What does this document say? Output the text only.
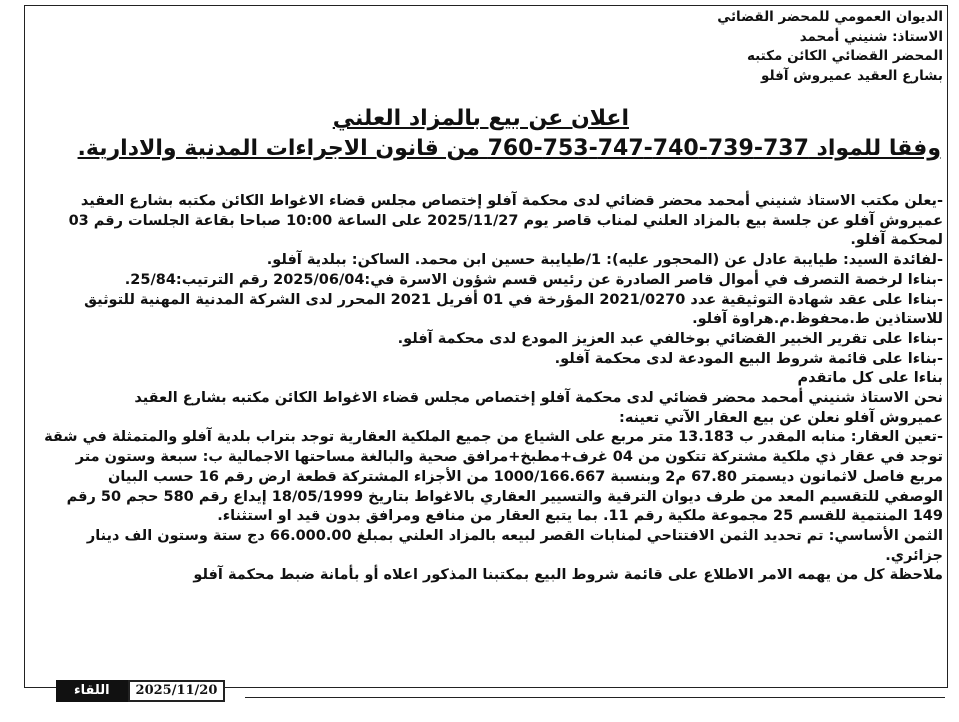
الديوان العمومي للمحضر القضائي
الاستاذ: شنيني أمحمد
المحضر القضائي الكائن مكتبه
بشارع العقيد عميروش آفلو
اعلان عن بيع بالمزاد العلني
وفقا للمواد 737-739-740-747-753-760 من قانون الاجراءات المدنية والادارية.

-يعلن مكتب الاستاذ شنيني أمحمد محضر قضائي لدى محكمة آفلو إختصاص مجلس قضاء الاغواط الكائن مكتبه بشارع العقيد

عميروش آفلو عن جلسة بيع بالمزاد العلني لمناب قاصر يوم 2025/11/27 على الساعة 10:00 صباحا بقاعة الجلسات رقم 03

لمحكمة آفلو.

-لفائدة السيد: طيايبة عادل عن (المحجور عليه): 1/طيايبة حسين ابن محمد. الساكن: ببلدية آفلو.

-بناءا لرخصة التصرف في أموال قاصر الصادرة عن رئيس قسم شؤون الاسرة في:2025/06/04 رقم الترتيب:25/84.

-بناءا على عقد شهادة التوثيقية عدد 2021/0270 المؤرخة في 01 أفريل 2021 المحرر لدى الشركة المدنية المهنية للتوثيق

للاستاذين ط.محفوظ.م.هراوة آفلو.

-بناءا على تقرير الخبير القضائي بوخالفي عبد العزيز المودع لدى محكمة آفلو.

-بناءا على قائمة شروط البيع المودعة لدى محكمة آفلو.

بناءا على كل ماتقدم

نحن الاستاذ شنيني أمحمد محضر قضائي لدى محكمة آفلو إختصاص مجلس قضاء الاغواط الكائن مكتبه بشارع العقيد

عميروش آفلو نعلن عن بيع العقار الآتي تعينه:

-تعين العقار: منابه المقدر ب 13.183 متر مربع على الشياع من جميع الملكية العقارية توجد بتراب بلدية آفلو والمتمثلة في شقة

توجد في عقار ذي ملكية مشتركة تتكون من 04 غرف+مطبخ+مرافق صحية والبالغة مساحتها الاجمالية ب: سبعة وستون متر

مربع فاصل لاثمانون ديسمتر 67.80 م2 وبنسبة 1000/166.667 من الأجزاء المشتركة قطعة ارض رقم 16 حسب البيان

الوصفي للتقسيم المعد من طرف ديوان الترقية والتسيير العقاري بالاغواط بتاريخ 18/05/1999 إيداع رقم 580 حجم 50 رقم

149 المنتمية للقسم 25 مجموعة ملكية رقم 11. بما يتبع العقار من منافع ومرافق بدون قيد او استثناء.

الثمن الأساسي: تم تحديد الثمن الافتتاحي لمنابات القصر لبيعه بالمزاد العلني بمبلغ 66.000.00 دج ستة وستون الف دينار

جزائري.

ملاحظة كل من يهمه الامر الاطلاع على قائمة شروط البيع بمكتبنا المذكور اعلاه أو بأمانة ضبط محكمة آفلو

اللقاء	2025/11/20
